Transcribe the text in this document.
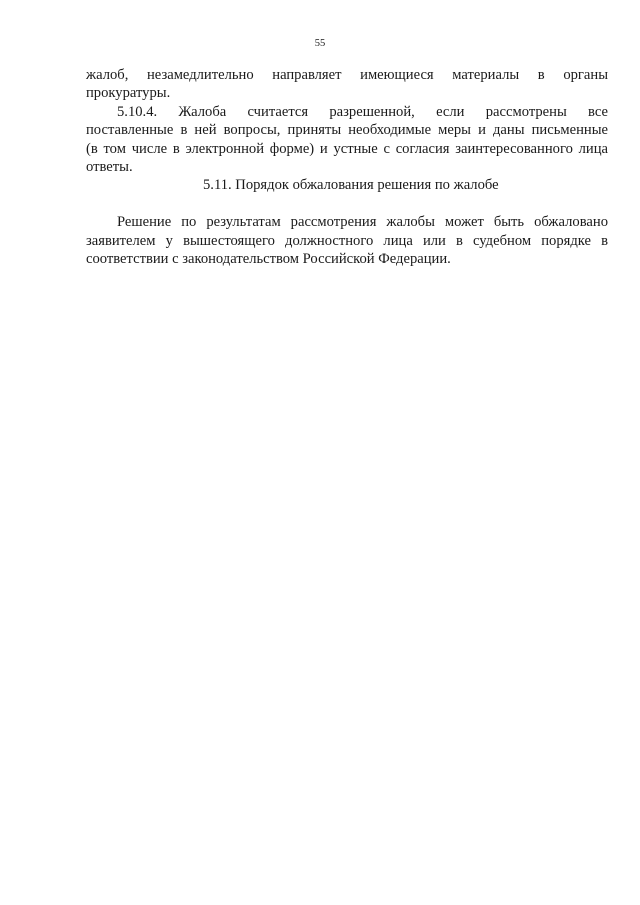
55
жалоб, незамедлительно направляет имеющиеся материалы в органы
прокуратуры.
5.10.4. Жалоба считается разрешенной, если рассмотрены все
поставленные в ней вопросы, приняты необходимые меры и даны письменные
(в том числе в электронной форме) и устные с согласия заинтересованного лица
ответы.
5.11. Порядок обжалования решения по жалобе
Решение по результатам рассмотрения жалобы может быть обжаловано
заявителем у вышестоящего должностного лица или в судебном порядке в
соответствии с законодательством Российской Федерации.
